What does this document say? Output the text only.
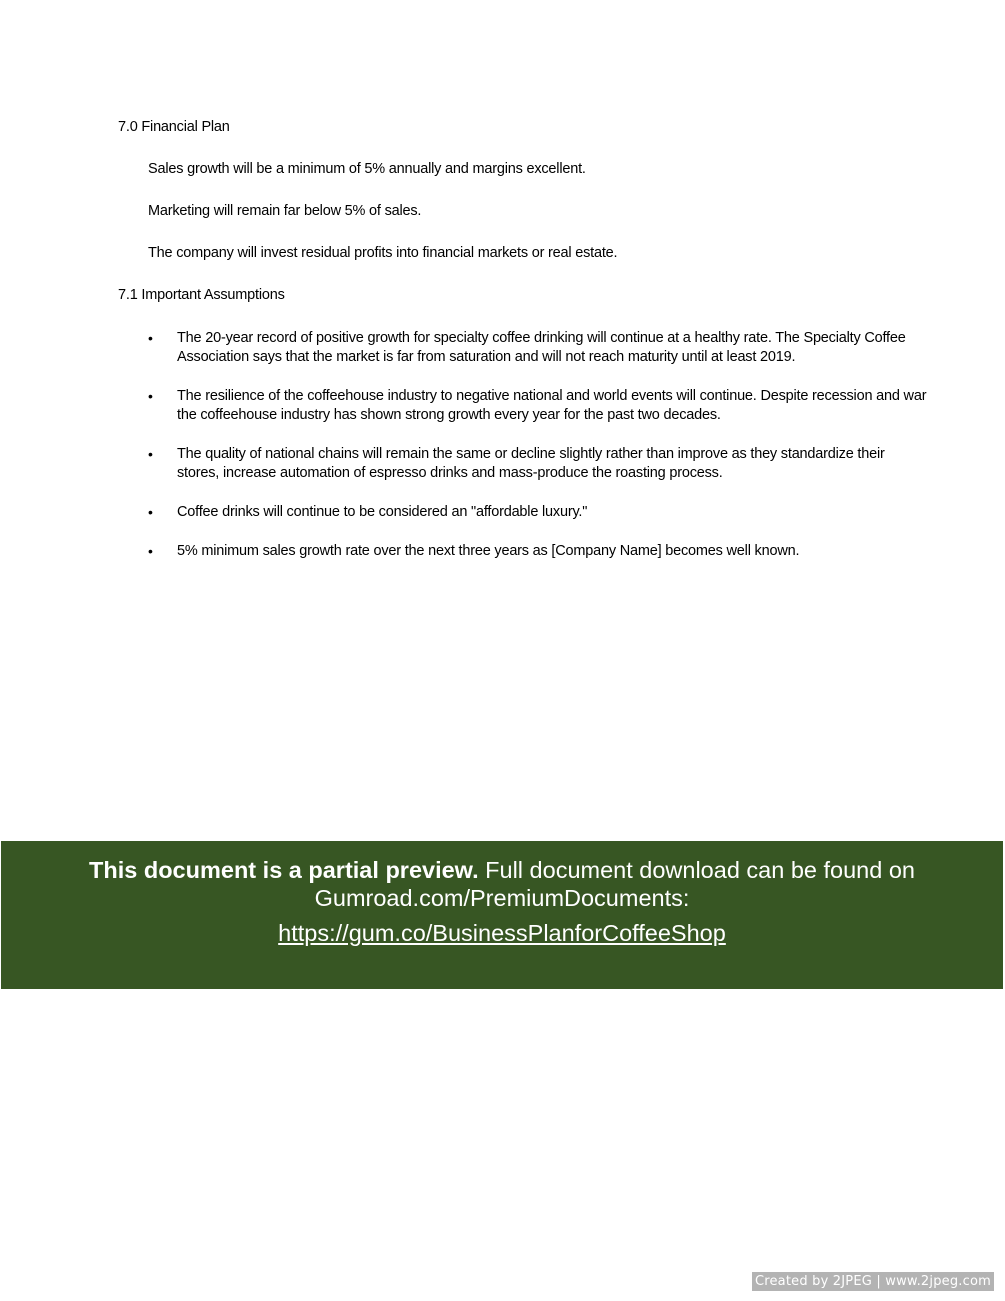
7.0 Financial Plan

Sales growth will be a minimum of 5% annually and margins excellent.

Marketing will remain far below 5% of sales.

The company will invest residual profits into financial markets or real estate.

7.1 Important Assumptions

•	The 20-year record of positive growth for specialty coffee drinking will continue at a healthy rate. The Specialty Coffee Association says that the market is far from saturation and will not reach maturity until at least 2019.
•	The resilience of the coffeehouse industry to negative national and world events will continue. Despite recession and war the coffeehouse industry has shown strong growth every year for the past two decades.
•	The quality of national chains will remain the same or decline slightly rather than improve as they standardize their stores, increase automation of espresso drinks and mass-produce the roasting process.
•	Coffee drinks will continue to be considered an "affordable luxury."
•	5% minimum sales growth rate over the next three years as [Company Name] becomes well known.
This document is a partial preview. Full document download can be found on Gumroad.com/PremiumDocuments:
https://gum.co/BusinessPlanforCoffeeShop
Created by 2JPEG | www.2jpeg.com
